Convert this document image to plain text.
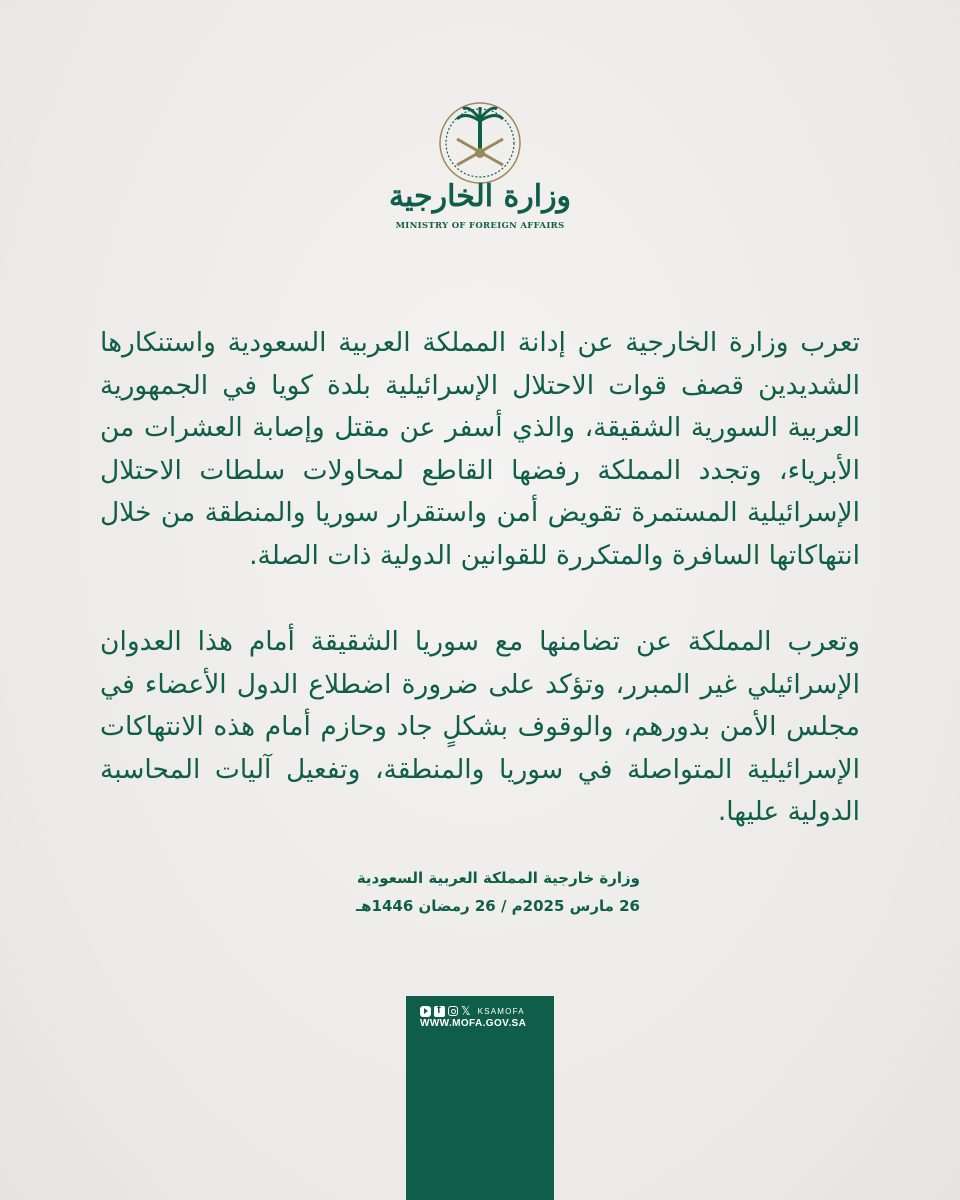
وزارة الخارجية
MINISTRY OF FOREIGN AFFAIRS

تعرب وزارة الخارجية عن إدانة المملكة العربية السعودية واستنكارها الشديدين قصف قوات الاحتلال الإسرائيلية بلدة كويا في الجمهورية العربية السورية الشقيقة، والذي أسفر عن مقتل وإصابة العشرات من الأبرياء، وتجدد المملكة رفضها القاطع لمحاولات سلطات الاحتلال الإسرائيلية المستمرة تقويض أمن واستقرار سوريا والمنطقة من خلال انتهاكاتها السافرة والمتكررة للقوانين الدولية ذات الصلة.

وتعرب المملكة عن تضامنها مع سوريا الشقيقة أمام هذا العدوان الإسرائيلي غير المبرر، وتؤكد على ضرورة اضطلاع الدول الأعضاء في مجلس الأمن بدورهم، والوقوف بشكلٍ جاد وحازم أمام هذه الانتهاكات الإسرائيلية المتواصلة في سوريا والمنطقة، وتفعيل آليات المحاسبة الدولية عليها.

وزارة خارجية المملكة العربية السعودية
26 مارس 2025م / 26 رمضان 1446هـ
f
𝕏 KSAMOFA
WWW.MOFA.GOV.SA
